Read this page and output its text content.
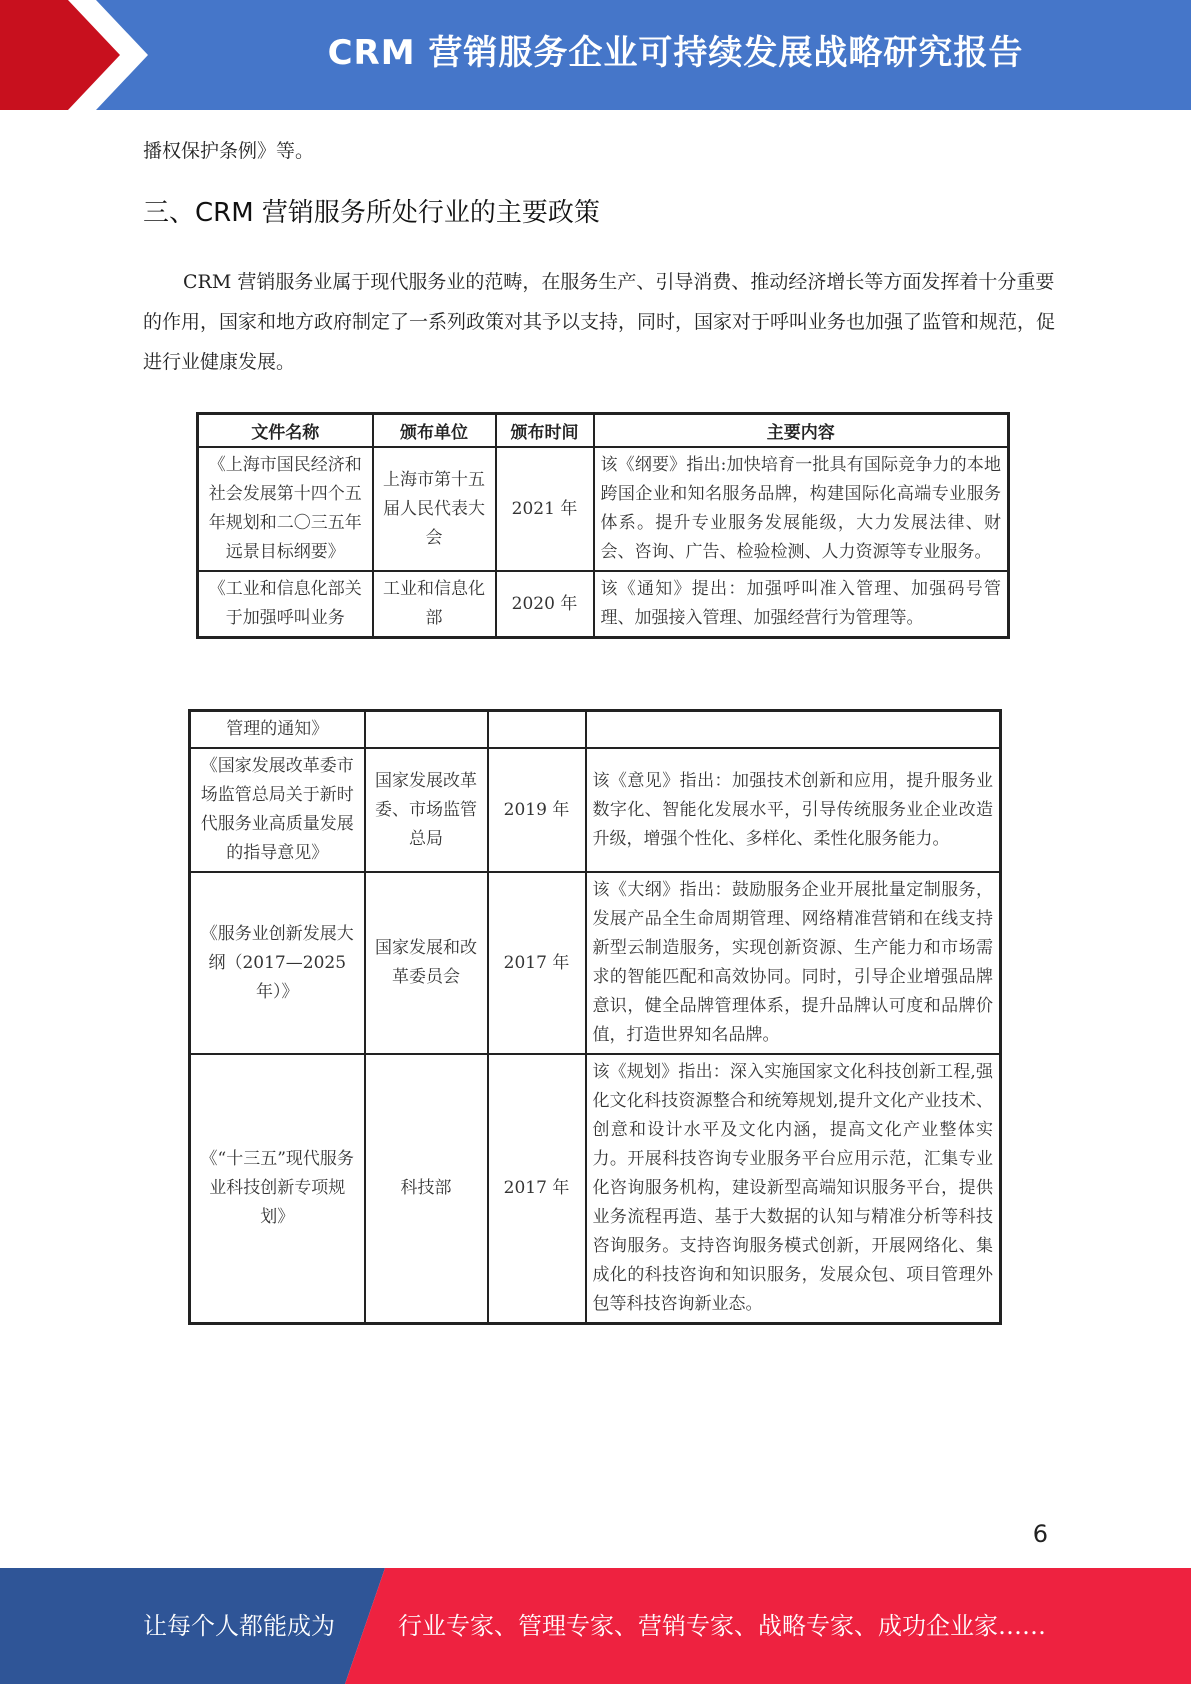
CRM 营销服务企业可持续发展战略研究报告
播权保护条例》等。
三、CRM 营销服务所处行业的主要政策
CRM 营销服务业属于现代服务业的范畴，在服务生产、引导消费、推动经济增长等方面发挥着十分重要的作用，国家和地方政府制定了一系列政策对其予以支持，同时，国家对于呼叫业务也加强了监管和规范，促进行业健康发展。
文件名称	颁布单位	颁布时间	主要内容
《上海市国民经济和社会发展第十四个五年规划和二〇三五年远景目标纲要》	上海市第十五届人民代表大会	2021 年	该《纲要》指出:加快培育一批具有国际竞争力的本地跨国企业和知名服务品牌，构建国际化高端专业服务体系。提升专业服务发展能级，大力发展法律、财会、咨询、广告、检验检测、人力资源等专业服务。
《工业和信息化部关于加强呼叫业务	工业和信息化部	2020 年	该《通知》提出：加强呼叫准入管理、加强码号管理、加强接入管理、加强经营行为管理等。
管理的通知》			
《国家发展改革委市场监管总局关于新时代服务业高质量发展的指导意见》	国家发展改革委、市场监管总局	2019 年	该《意见》指出：加强技术创新和应用，提升服务业数字化、智能化发展水平，引导传统服务业企业改造升级，增强个性化、多样化、柔性化服务能力。
《服务业创新发展大纲（2017—2025年）》	国家发展和改革委员会	2017 年	该《大纲》指出：鼓励服务企业开展批量定制服务，发展产品全生命周期管理、网络精准营销和在线支持新型云制造服务，实现创新资源、生产能力和市场需求的智能匹配和高效协同。同时，引导企业增强品牌意识，健全品牌管理体系，提升品牌认可度和品牌价值，打造世界知名品牌。
《“十三五”现代服务业科技创新专项规划》	科技部	2017 年	该《规划》指出：深入实施国家文化科技创新工程,强化文化科技资源整合和统筹规划,提升文化产业技术、创意和设计水平及文化内涵，提高文化产业整体实力。开展科技咨询专业服务平台应用示范，汇集专业化咨询服务机构，建设新型高端知识服务平台，提供业务流程再造、基于大数据的认知与精准分析等科技咨询服务。支持咨询服务模式创新，开展网络化、集成化的科技咨询和知识服务，发展众包、项目管理外包等科技咨询新业态。
6
让每个人都能成为	行业专家、管理专家、营销专家、战略专家、成功企业家……
